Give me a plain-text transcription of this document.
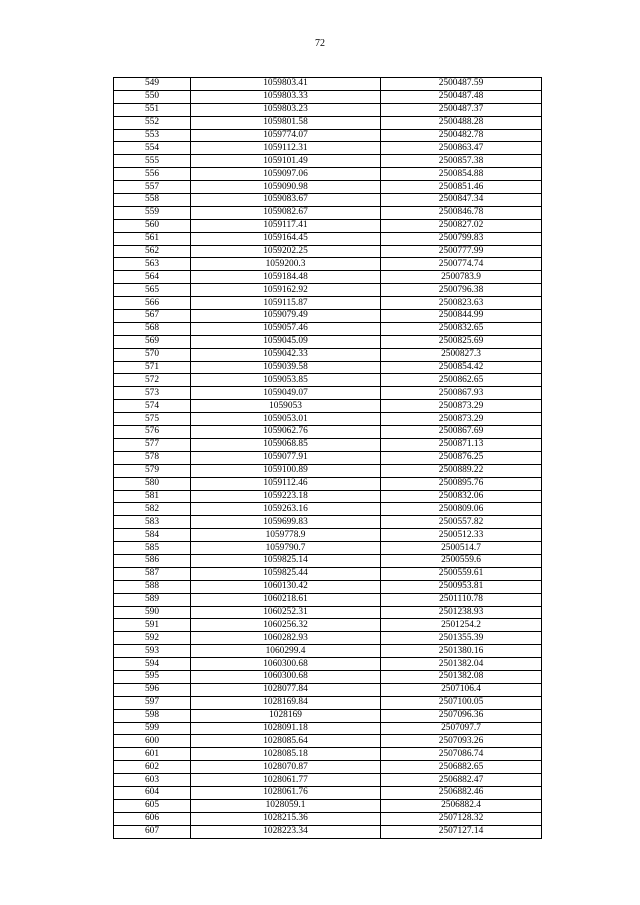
72
549	1059803.41	2500487.59
550	1059803.33	2500487.48
551	1059803.23	2500487.37
552	1059801.58	2500488.28
553	1059774.07	2500482.78
554	1059112.31	2500863.47
555	1059101.49	2500857.38
556	1059097.06	2500854.88
557	1059090.98	2500851.46
558	1059083.67	2500847.34
559	1059082.67	2500846.78
560	1059117.41	2500827.02
561	1059164.45	2500799.83
562	1059202.25	2500777.99
563	1059200.3	2500774.74
564	1059184.48	2500783.9
565	1059162.92	2500796.38
566	1059115.87	2500823.63
567	1059079.49	2500844.99
568	1059057.46	2500832.65
569	1059045.09	2500825.69
570	1059042.33	2500827.3
571	1059039.58	2500854.42
572	1059053.85	2500862.65
573	1059049.07	2500867.93
574	1059053	2500873.29
575	1059053.01	2500873.29
576	1059062.76	2500867.69
577	1059068.85	2500871.13
578	1059077.91	2500876.25
579	1059100.89	2500889.22
580	1059112.46	2500895.76
581	1059223.18	2500832.06
582	1059263.16	2500809.06
583	1059699.83	2500557.82
584	1059778.9	2500512.33
585	1059790.7	2500514.7
586	1059825.14	2500559.6
587	1059825.44	2500559.61
588	1060130.42	2500953.81
589	1060218.61	2501110.78
590	1060252.31	2501238.93
591	1060256.32	2501254.2
592	1060282.93	2501355.39
593	1060299.4	2501380.16
594	1060300.68	2501382.04
595	1060300.68	2501382.08
596	1028077.84	2507106.4
597	1028169.84	2507100.05
598	1028169	2507096.36
599	1028091.18	2507097.7
600	1028085.64	2507093.26
601	1028085.18	2507086.74
602	1028070.87	2506882.65
603	1028061.77	2506882.47
604	1028061.76	2506882.46
605	1028059.1	2506882.4
606	1028215.36	2507128.32
607	1028223.34	2507127.14
